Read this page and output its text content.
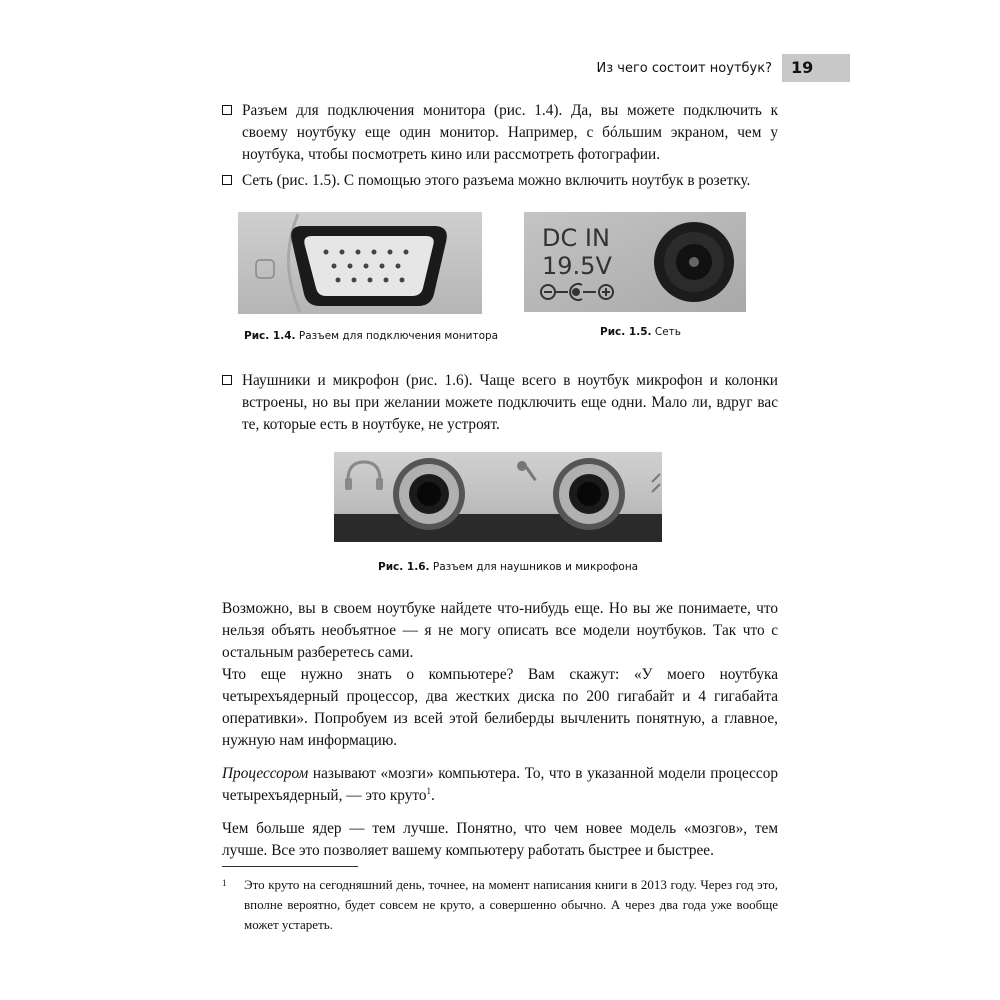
Из чего состоит ноутбук?	19
Разъем для подключения монитора (рис. 1.4). Да, вы можете подключить к своему ноутбуку еще один монитор. Например, с бóльшим экраном, чем у ноутбука, чтобы посмотреть кино или рассмотреть фотографии.
Сеть (рис. 1.5). С помощью этого разъема можно включить ноутбук в розетку.
Рис. 1.4. Разъем для подключения монитора
DC IN
19.5V
Рис. 1.5. Сеть
Наушники и микрофон (рис. 1.6). Чаще всего в ноутбук микрофон и колонки встроены, но вы при желании можете подключить еще одни. Мало ли, вдруг вас те, которые есть в ноутбуке, не устроят.
Рис. 1.6. Разъем для наушников и микрофона
Возможно, вы в своем ноутбуке найдете что-нибудь еще. Но вы же понимаете, что нельзя объять необъятное — я не могу описать все модели ноутбуков. Так что с остальным разберетесь сами.
Что еще нужно знать о компьютере? Вам скажут: «У моего ноутбука четырехъядерный процессор, два жестких диска по 200 гигабайт и 4 гигабайта оперативки». Попробуем из всей этой белиберды вычленить понятную, а главное, нужную нам информацию.
Процессором называют «мозги» компьютера. То, что в указанной модели процессор четырехъядерный, — это круто$^1$.
Чем больше ядер — тем лучше. Понятно, что чем новее модель «мозгов», тем лучше. Все это позволяет вашему компьютеру работать быстрее и быстрее.
1	Это круто на сегодняшний день, точнее, на момент написания книги в 2013 году. Через год это, вполне вероятно, будет совсем не круто, а совершенно обычно. А через два года уже вообще может устареть.
